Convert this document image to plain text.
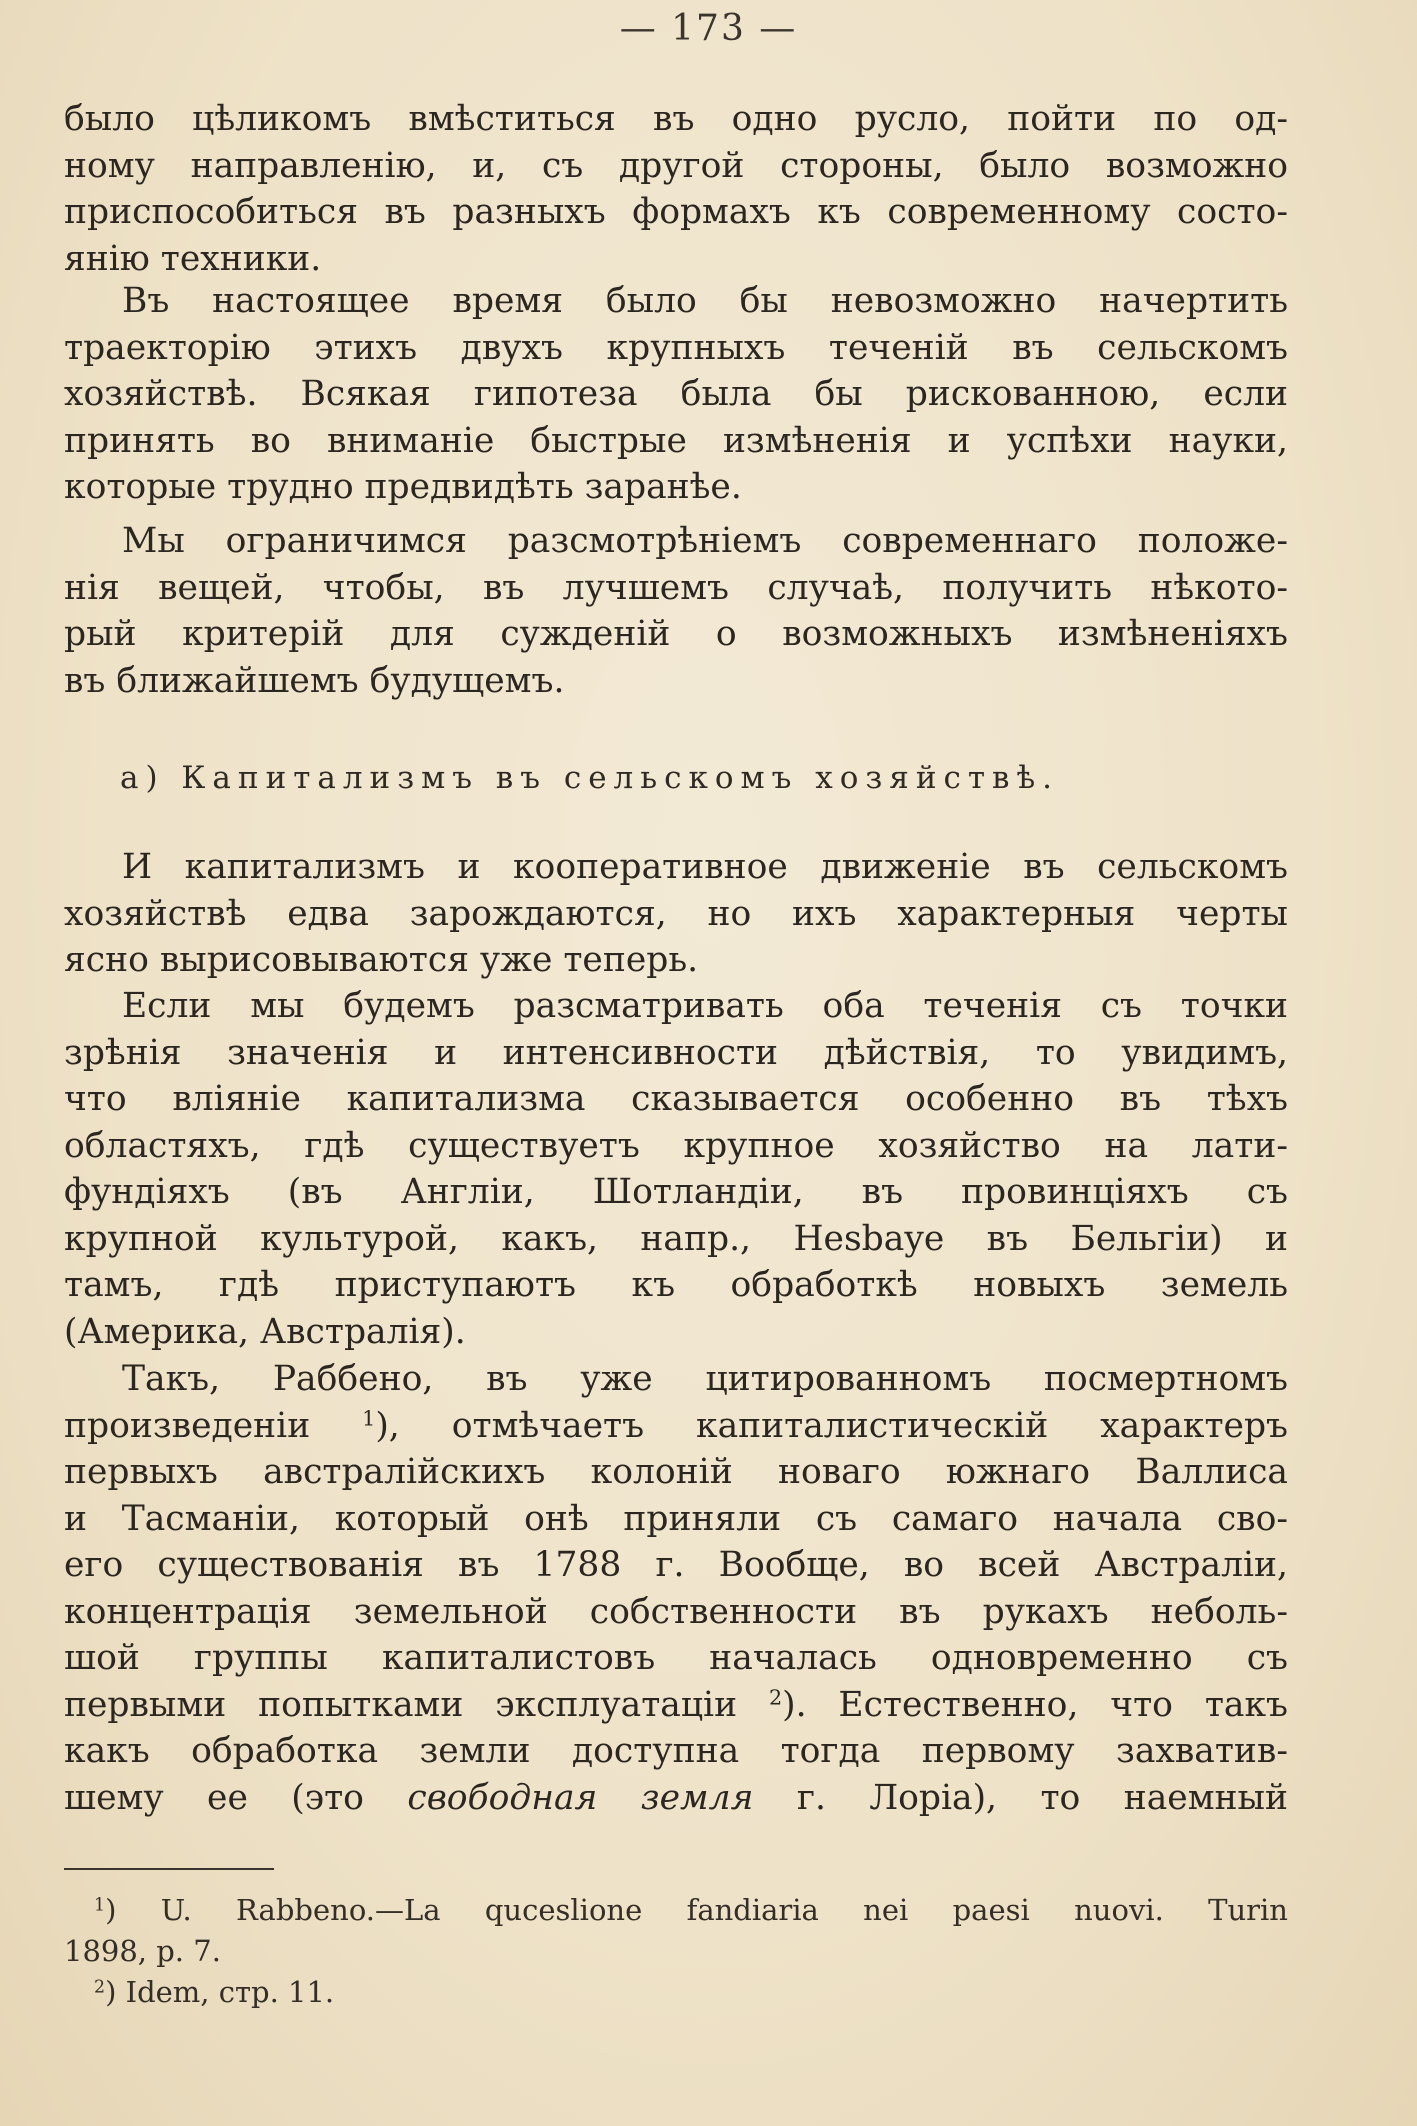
— 173 —
было цѣликомъ вмѣститься въ одно русло, пойти по од-
ному направленію, и, съ другой стороны, было возможно
приспособиться въ разныхъ формахъ къ современному состо-
янію техники.
Въ настоящее время было бы невозможно начертить
траекторію этихъ двухъ крупныхъ теченій въ сельскомъ
хозяйствѣ. Всякая гипотеза была бы рискованною, если
принять во вниманіе быстрые измѣненія и успѣхи науки,
которые трудно предвидѣть заранѣе.
Мы ограничимся разсмотрѣніемъ современнаго положе-
нія вещей, чтобы, въ лучшемъ случаѣ, получить нѣкото-
рый критерій для сужденій о возможныхъ измѣненіяхъ
въ ближайшемъ будущемъ.
а) Капитализмъ въ сельскомъ хозяйствѣ.
И капитализмъ и кооперативное движеніе въ сельскомъ
хозяйствѣ едва зарождаются, но ихъ характерныя черты
ясно вырисовываются уже теперь.
Если мы будемъ разсматривать оба теченія съ точки
зрѣнія значенія и интенсивности дѣйствія, то увидимъ,
что вліяніе капитализма сказывается особенно въ тѣхъ
областяхъ, гдѣ существуетъ крупное хозяйство на лати-
фундіяхъ (въ Англіи, Шотландіи, въ провинціяхъ съ
крупной культурой, какъ, напр., Hesbaye въ Бельгіи) и
тамъ, гдѣ приступаютъ къ обработкѣ новыхъ земель
(Америка, Австралія).
Такъ, Раббено, въ уже цитированномъ посмертномъ
произведеніи $^1$), отмѣчаетъ капиталистическій характеръ
первыхъ австралійскихъ колоній новаго южнаго Валлиса
и Тасманіи, который онѣ приняли съ самаго начала сво-
его существованія въ 1788 г. Вообще, во всей Австраліи,
концентрація земельной собственности въ рукахъ неболь-
шой группы капиталистовъ началась одновременно съ
первыми попытками эксплуатаціи $^2$). Естественно, что такъ
какъ обработка земли доступна тогда первому захватив-
шему ее (это свободная земля г. Лорiа), то наемный
$^1$) U. Rabbeno.—La quceslione fandiaria nei paesi nuovi. Turin
1898, p. 7.
$^2$) Idem, стр. 11.
